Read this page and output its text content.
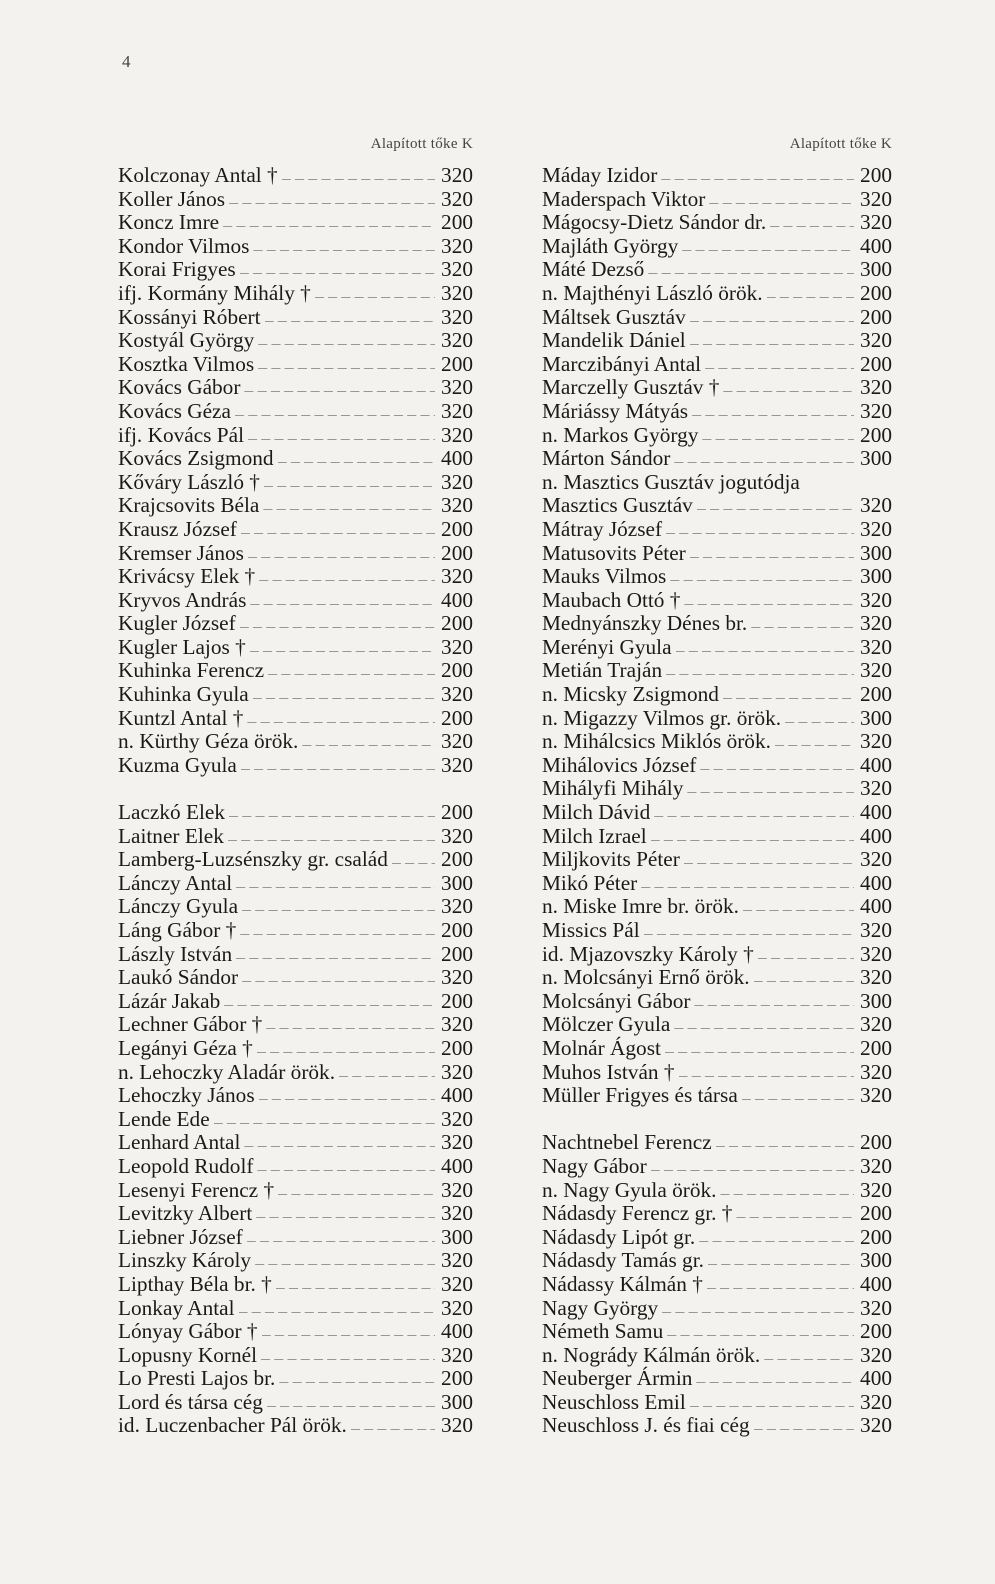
4
Alapított tőke K
Kolczonay Antal † — — —	320
Koller János — — —	320
Koncz Imre — — —	200
Kondor Vilmos — — —	320
Korai Frigyes — — —	320
ifj. Kormány Mihály † — — —	320
Kossányi Róbert — — —	320
Kostyál György — — —	320
Kosztka Vilmos — — —	200
Kovács Gábor — — —	320
Kovács Géza — — —	320
ifj. Kovács Pál — — —	320
Kovács Zsigmond — — —	400
Kőváry László † — — —	320
Krajcsovits Béla — — —	320
Krausz József — — —	200
Kremser János — — —	200
Krivácsy Elek † — — —	320
Kryvos András — — —	400
Kugler József — — —	200
Kugler Lajos † — — —	320
Kuhinka Ferencz — — —	200
Kuhinka Gyula — — —	320
Kuntzl Antal † — — —	200
n. Kürthy Géza örök. — — —	320
Kuzma Gyula — — —	320
Laczkó Elek — — —	200
Laitner Elek — — —	320
Lamberg-Luzsénszky gr. család — — — 200
Lánczy Antal — — —	300
Lánczy Gyula — — —	320
Láng Gábor † — — —	200
Lászly István — — —	200
Laukó Sándor — — —	320
Lázár Jakab — — —	200
Lechner Gábor † — — —	320
Legányi Géza † — — —	200
n. Lehoczky Aladár örök. — — —	320
Lehoczky János — — —	400
Lende Ede — — —	320
Lenhard Antal — — —	320
Leopold Rudolf — — —	400
Lesenyi Ferencz † — — —	320
Levitzky Albert — — —	320
Liebner József — — —	300
Linszky Károly — — —	320
Lipthay Béla br. † — — —	320
Lonkay Antal — — —	320
Lónyay Gábor † — — —	400
Lopusny Kornél — — —	320
Lo Presti Lajos br. — — —	200
Lord és társa cég — — —	300
id. Luczenbacher Pál örök. — — —	320
Alapított tőke K
Máday Izidor — — —	200
Maderspach Viktor — — —	320
Mágocsy-Dietz Sándor dr. — — —	320
Majláth György — — —	400
Máté Dezső — — —	300
n. Majthényi László örök. — — —	200
Máltsek Gusztáv — — —	200
Mandelik Dániel — — —	320
Marczibányi Antal — — —	200
Marczelly Gusztáv † — — —	320
Máriássy Mátyás — — —	320
n. Markos György — — —	200
Márton Sándor — — —	300
n. Masztics Gusztáv jogutódja
Masztics Gusztáv — — —	320
Mátray József — — —	320
Matusovits Péter — — —	300
Mauks Vilmos — — —	300
Maubach Ottó † — — —	320
Mednyánszky Dénes br. — — —	320
Merényi Gyula — — —	320
Metián Traján — — —	320
n. Micsky Zsigmond — — —	200
n. Migazzy Vilmos gr. örök. — — —	300
n. Mihálcsics Miklós örök. — — —	320
Mihálovics József — — —	400
Mihályfi Mihály — — —	320
Milch Dávid — — —	400
Milch Izrael — — —	400
Miljkovits Péter — — —	320
Mikó Péter — — —	400
n. Miske Imre br. örök. — — —	400
Missics Pál — — —	320
id. Mjazovszky Károly † — — —	320
n. Molcsányi Ernő örök. — — —	320
Molcsányi Gábor — — —	300
Mölczer Gyula — — —	320
Molnár Ágost — — —	200
Muhos István † — — —	320
Müller Frigyes és társa — — —	320
Nachtnebel Ferencz — — —	200
Nagy Gábor — — —	320
n. Nagy Gyula örök. — — —	320
Nádasdy Ferencz gr. † — — —	200
Nádasdy Lipót gr. — — —	200
Nádasdy Tamás gr. — — —	300
Nádassy Kálmán † — — —	400
Nagy György — — —	320
Németh Samu — — —	200
n. Nogrády Kálmán örök. — — —	320
Neuberger Ármin — — —	400
Neuschloss Emil — — —	320
Neuschloss J. és fiai cég — — —	320
